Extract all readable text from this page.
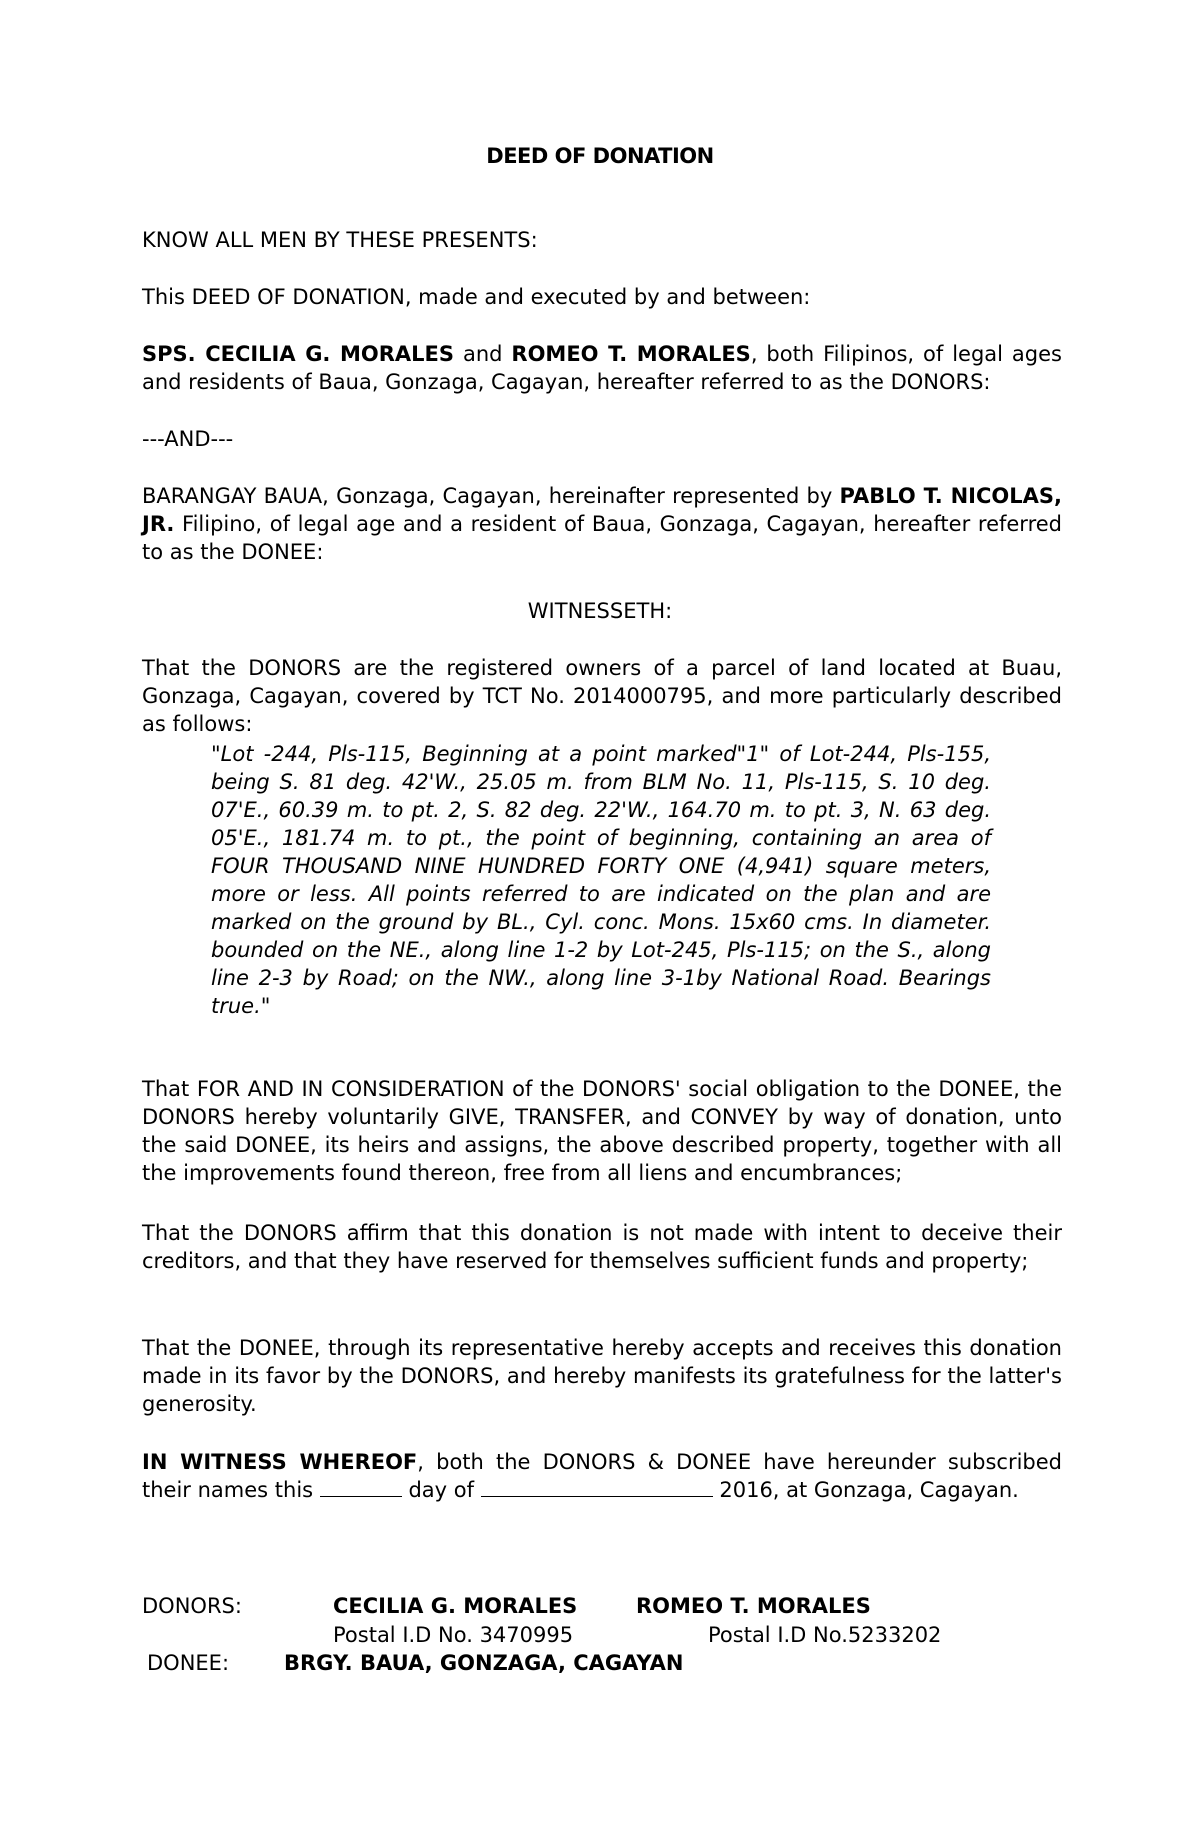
DEED OF DONATION

KNOW ALL MEN BY THESE PRESENTS:

This DEED OF DONATION, made and executed by and between:

SPS. CECILIA G. MORALES and ROMEO T. MORALES, both Filipinos, of legal ages and residents of Baua, Gonzaga, Cagayan, hereafter referred to as the DONORS:

---AND---

BARANGAY BAUA, Gonzaga, Cagayan, hereinafter represented by PABLO T. NICOLAS, JR. Filipino, of legal age and a resident of Baua, Gonzaga, Cagayan, hereafter referred to as the DONEE:

WITNESSETH:

That the DONORS are the registered owners of a parcel of land located at Buau, Gonzaga, Cagayan, covered by TCT No. 2014000795, and more particularly described as follows:

"Lot -244, Pls-115, Beginning at a point marked"1" of Lot-244, Pls-155, being S. 81 deg. 42'W., 25.05 m. from BLM No. 11, Pls-115, S. 10 deg. 07'E., 60.39 m. to pt. 2, S. 82 deg. 22'W., 164.70 m. to pt. 3, N. 63 deg. 05'E., 181.74 m. to pt., the point of beginning, containing an area of FOUR THOUSAND NINE HUNDRED FORTY ONE (4,941) square meters, more or less. All points referred to are indicated on the plan and are marked on the ground by BL., Cyl. conc. Mons. 15x60 cms. In diameter. bounded on the NE., along line 1-2 by Lot-245, Pls-115; on the S., along line 2-3 by Road; on the NW., along line 3-1by National Road. Bearings true."

That FOR AND IN CONSIDERATION of the DONORS' social obligation to the DONEE, the DONORS hereby voluntarily GIVE, TRANSFER, and CONVEY by way of donation, unto the said DONEE, its heirs and assigns, the above described property, together with all the improvements found thereon, free from all liens and encumbrances;

That the DONORS affirm that this donation is not made with intent to deceive their creditors, and that they have reserved for themselves sufficient funds and property;

That the DONEE, through its representative hereby accepts and receives this donation made in its favor by the DONORS, and hereby manifests its gratefulness for the latter's generosity.

IN WITNESS WHEREOF, both the DONORS & DONEE have hereunder subscribed their names this	day of	2016, at Gonzaga, Cagayan.

DONORS:	CECILIA G. MORALES	ROMEO T. MORALES
Postal I.D No. 3470995	Postal I.D No.5233202
DONEE:	BRGY. BAUA, GONZAGA, CAGAYAN
